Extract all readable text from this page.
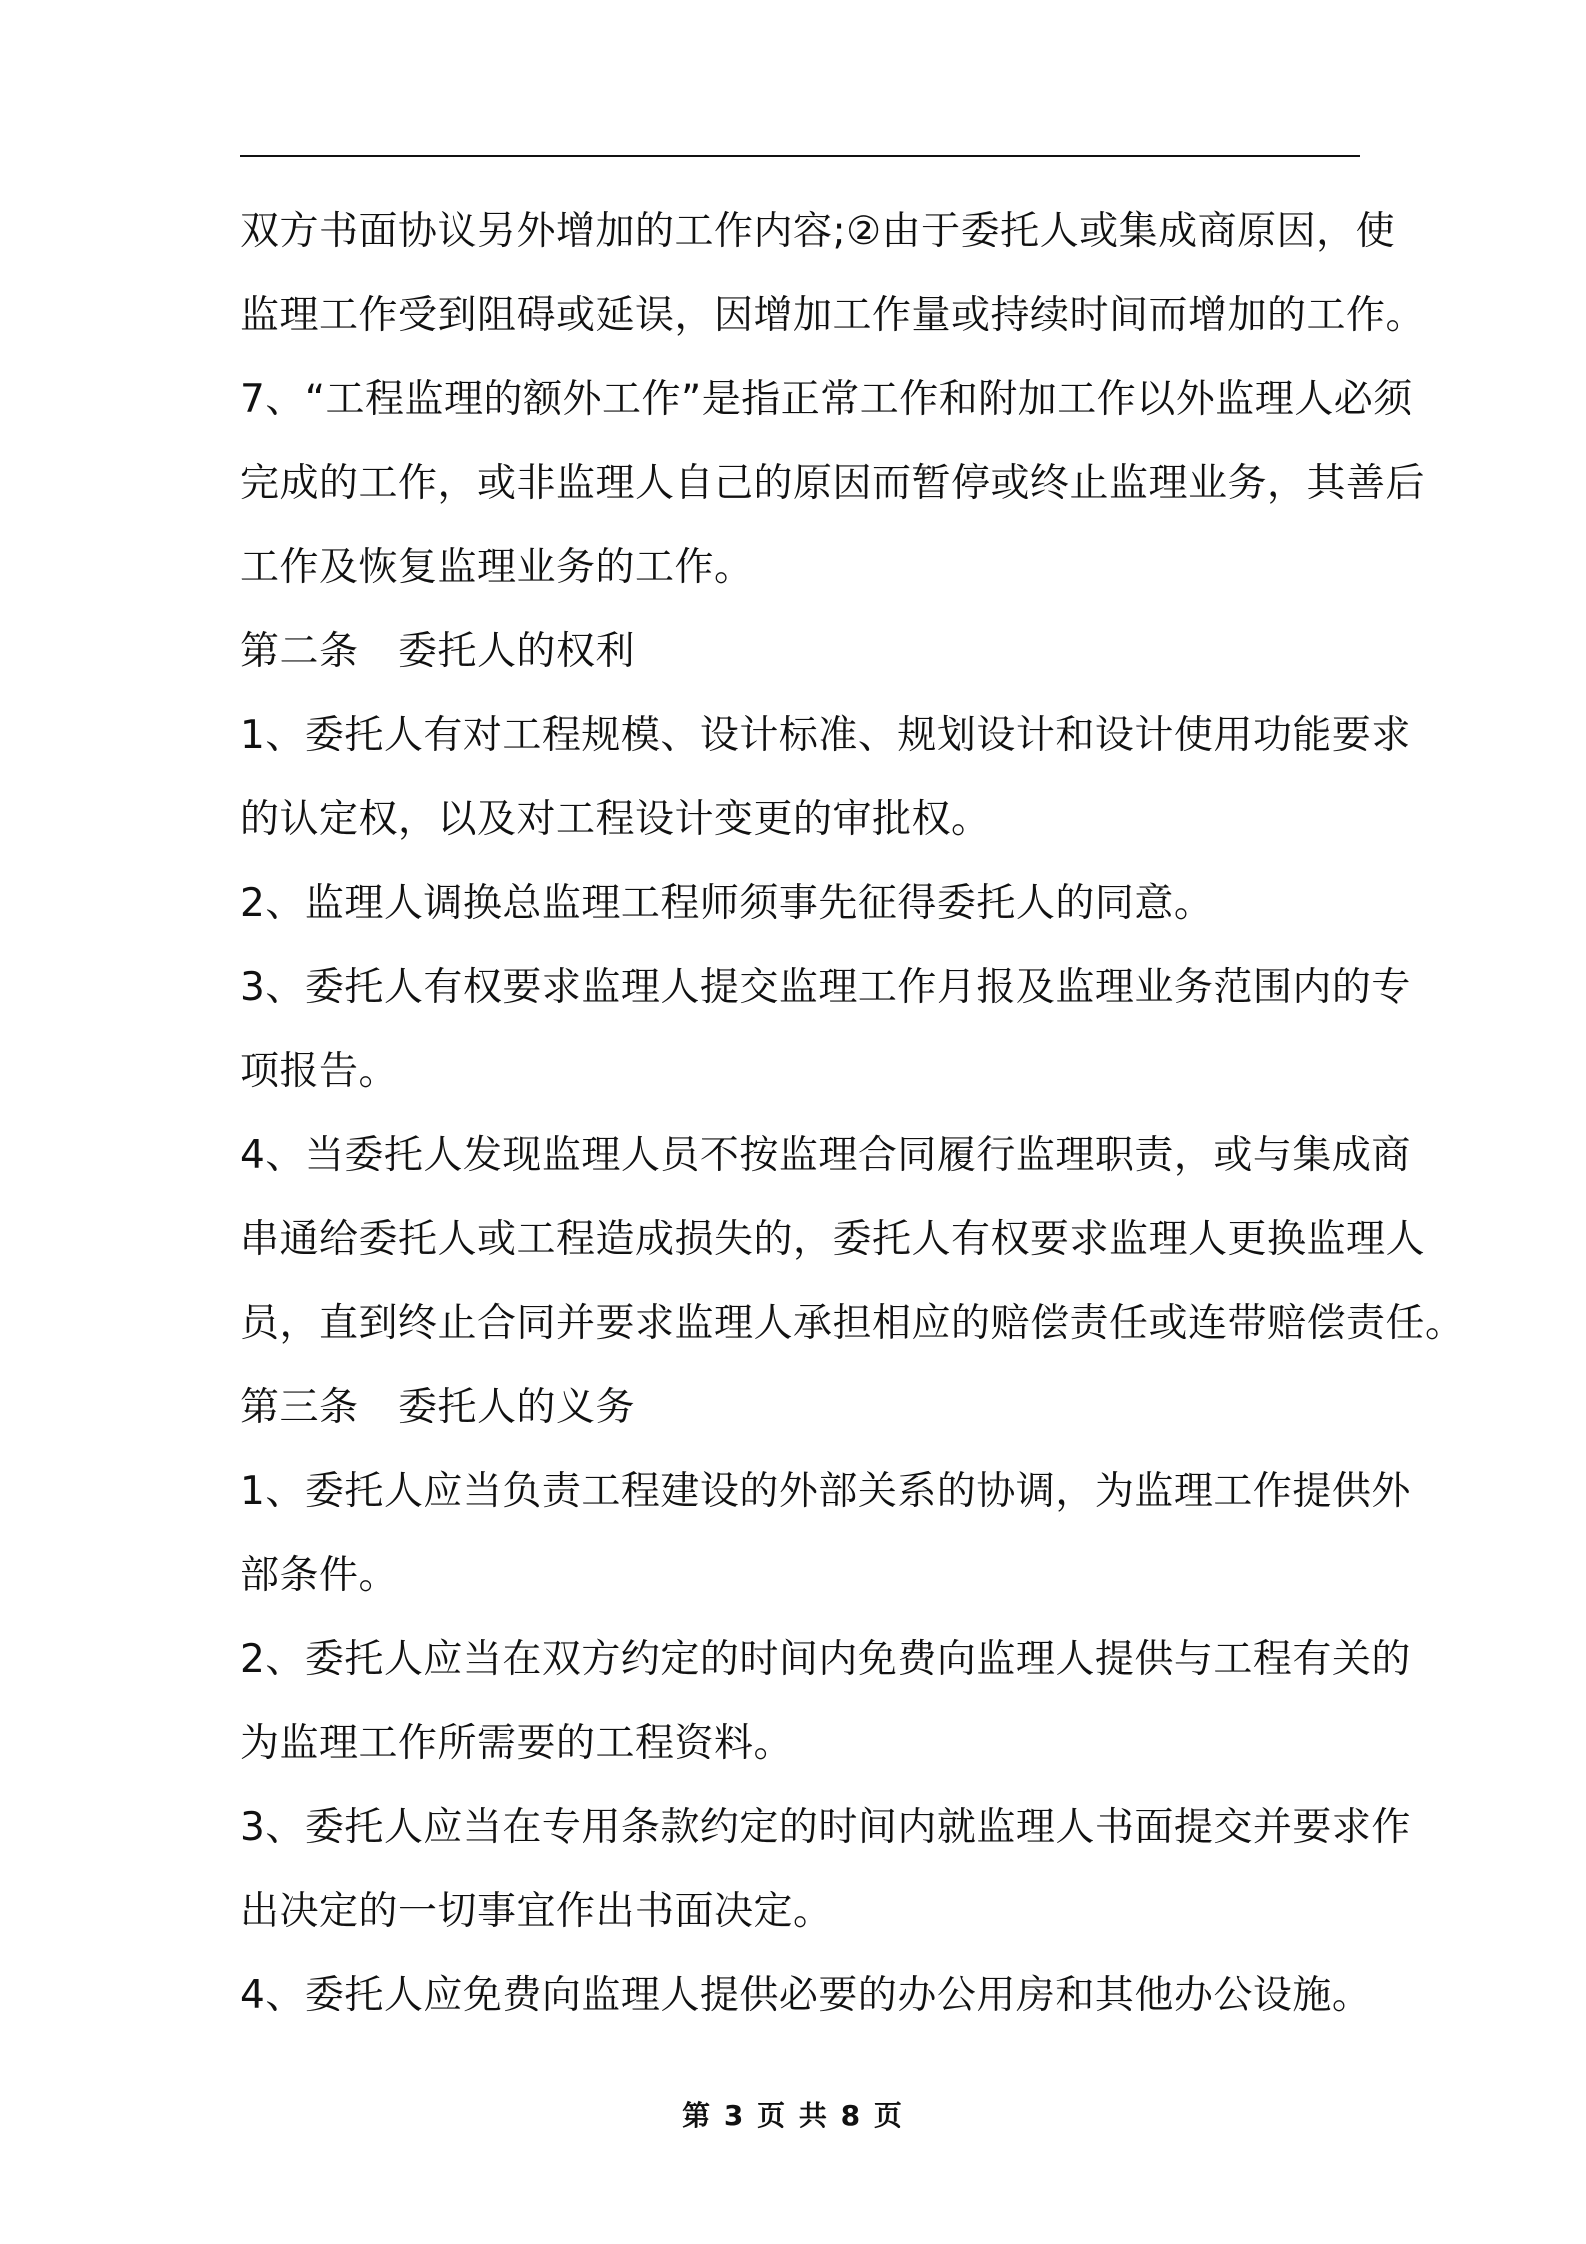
双方书面协议另外增加的工作内容;②由于委托人或集成商原因，使
监理工作受到阻碍或延误，因增加工作量或持续时间而增加的工作。
7、“工程监理的额外工作”是指正常工作和附加工作以外监理人必须
完成的工作，或非监理人自己的原因而暂停或终止监理业务，其善后
工作及恢复监理业务的工作。
第二条　委托人的权利
1、委托人有对工程规模、设计标准、规划设计和设计使用功能要求
的认定权，以及对工程设计变更的审批权。
2、监理人调换总监理工程师须事先征得委托人的同意。
3、委托人有权要求监理人提交监理工作月报及监理业务范围内的专
项报告。
4、当委托人发现监理人员不按监理合同履行监理职责，或与集成商
串通给委托人或工程造成损失的，委托人有权要求监理人更换监理人
员，直到终止合同并要求监理人承担相应的赔偿责任或连带赔偿责任。
第三条　委托人的义务
1、委托人应当负责工程建设的外部关系的协调，为监理工作提供外
部条件。
2、委托人应当在双方约定的时间内免费向监理人提供与工程有关的
为监理工作所需要的工程资料。
3、委托人应当在专用条款约定的时间内就监理人书面提交并要求作
出决定的一切事宜作出书面决定。
4、委托人应免费向监理人提供必要的办公用房和其他办公设施。
第 3 页 共 8 页
